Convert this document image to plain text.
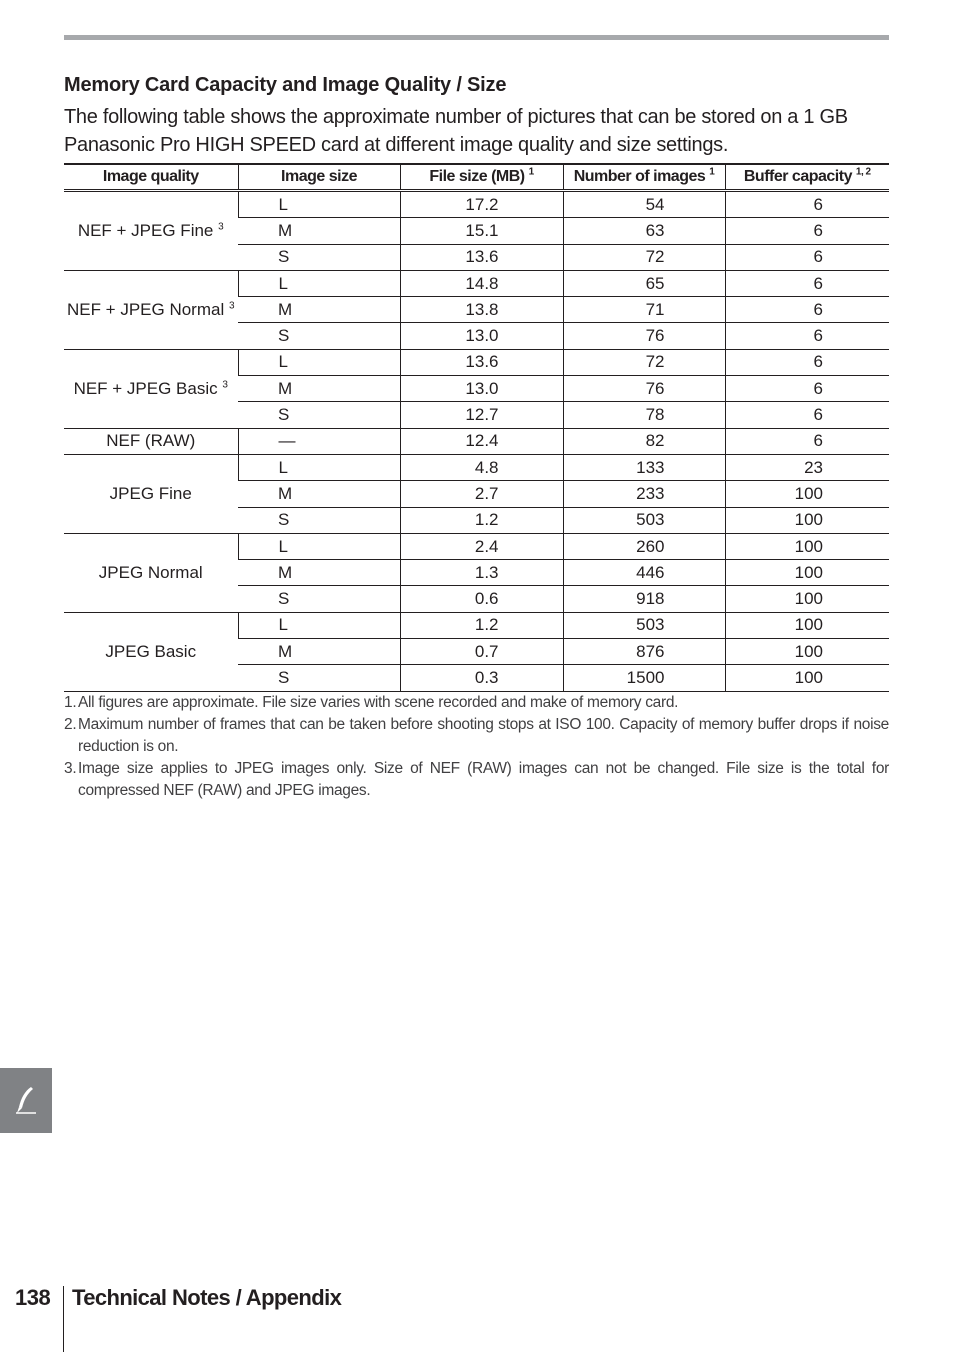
Memory Card Capacity and Image Quality / Size
The following table shows the approximate number of pictures that can be stored on a 1 GB Panasonic Pro HIGH SPEED card at different image quality and size settings.
Image quality	Image size	File size (MB) $^1$	Number of images $^1$	Buffer capacity $^{1, 2}$
NEF + JPEG Fine $^3$	L	17.2	54	6
	M	15.1	63	6
	S	13.6	72	6
NEF + JPEG Normal $^3$	L	14.8	65	6
	M	13.8	71	6
	S	13.0	76	6
NEF + JPEG Basic $^3$	L	13.6	72	6
	M	13.0	76	6
	S	12.7	78	6
NEF (RAW)	—	12.4	82	6
JPEG Fine	L	4.8	133	23
	M	2.7	233	100
	S	1.2	503	100
JPEG Normal	L	2.4	260	100
	M	1.3	446	100
	S	0.6	918	100
JPEG Basic	L	1.2	503	100
	M	0.7	876	100
	S	0.3	1500	100
1. All figures are approximate. File size varies with scene recorded and make of memory card.
2. Maximum number of frames that can be taken before shooting stops at ISO 100. Capacity of memory buffer drops if noise reduction is on.
3. Image size applies to JPEG images only. Size of NEF (RAW) images can not be changed. File size is the total for compressed NEF (RAW) and JPEG images.
138 Technical Notes / Appendix
